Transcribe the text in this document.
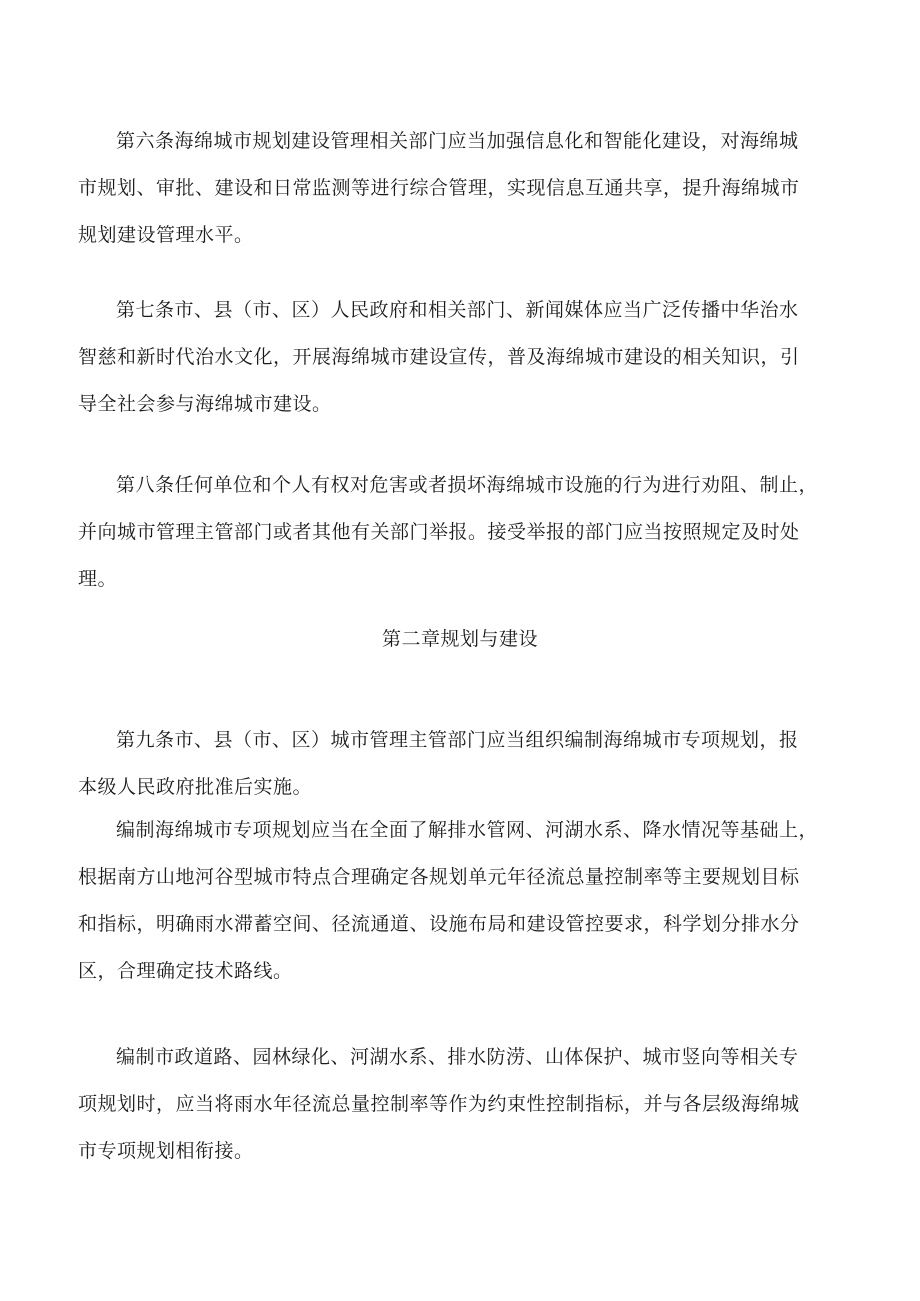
第六条海绵城市规划建设管理相关部门应当加强信息化和智能化建设，对海绵城
市规划、审批、建设和日常监测等进行综合管理，实现信息互通共享，提升海绵城市
规划建设管理水平。
第七条市、县（市、区）人民政府和相关部门、新闻媒体应当广泛传播中华治水
智慈和新时代治水文化，开展海绵城市建设宣传，普及海绵城市建设的相关知识，引
导全社会参与海绵城市建设。
第八条任何单位和个人有权对危害或者损坏海绵城市设施的行为进行劝阻、制止，
并向城市管理主管部门或者其他有关部门举报。接受举报的部门应当按照规定及时处
理。
第二章规划与建设
第九条市、县（市、区）城市管理主管部门应当组织编制海绵城市专项规划，报
本级人民政府批准后实施。
编制海绵城市专项规划应当在全面了解排水管网、河湖水系、降水情况等基础上，
根据南方山地河谷型城市特点合理确定各规划单元年径流总量控制率等主要规划目标
和指标，明确雨水滞蓄空间、径流通道、设施布局和建设管控要求，科学划分排水分
区，合理确定技术路线。
编制市政道路、园林绿化、河湖水系、排水防涝、山体保护、城市竖向等相关专
项规划时，应当将雨水年径流总量控制率等作为约束性控制指标，并与各层级海绵城
市专项规划相衔接。
